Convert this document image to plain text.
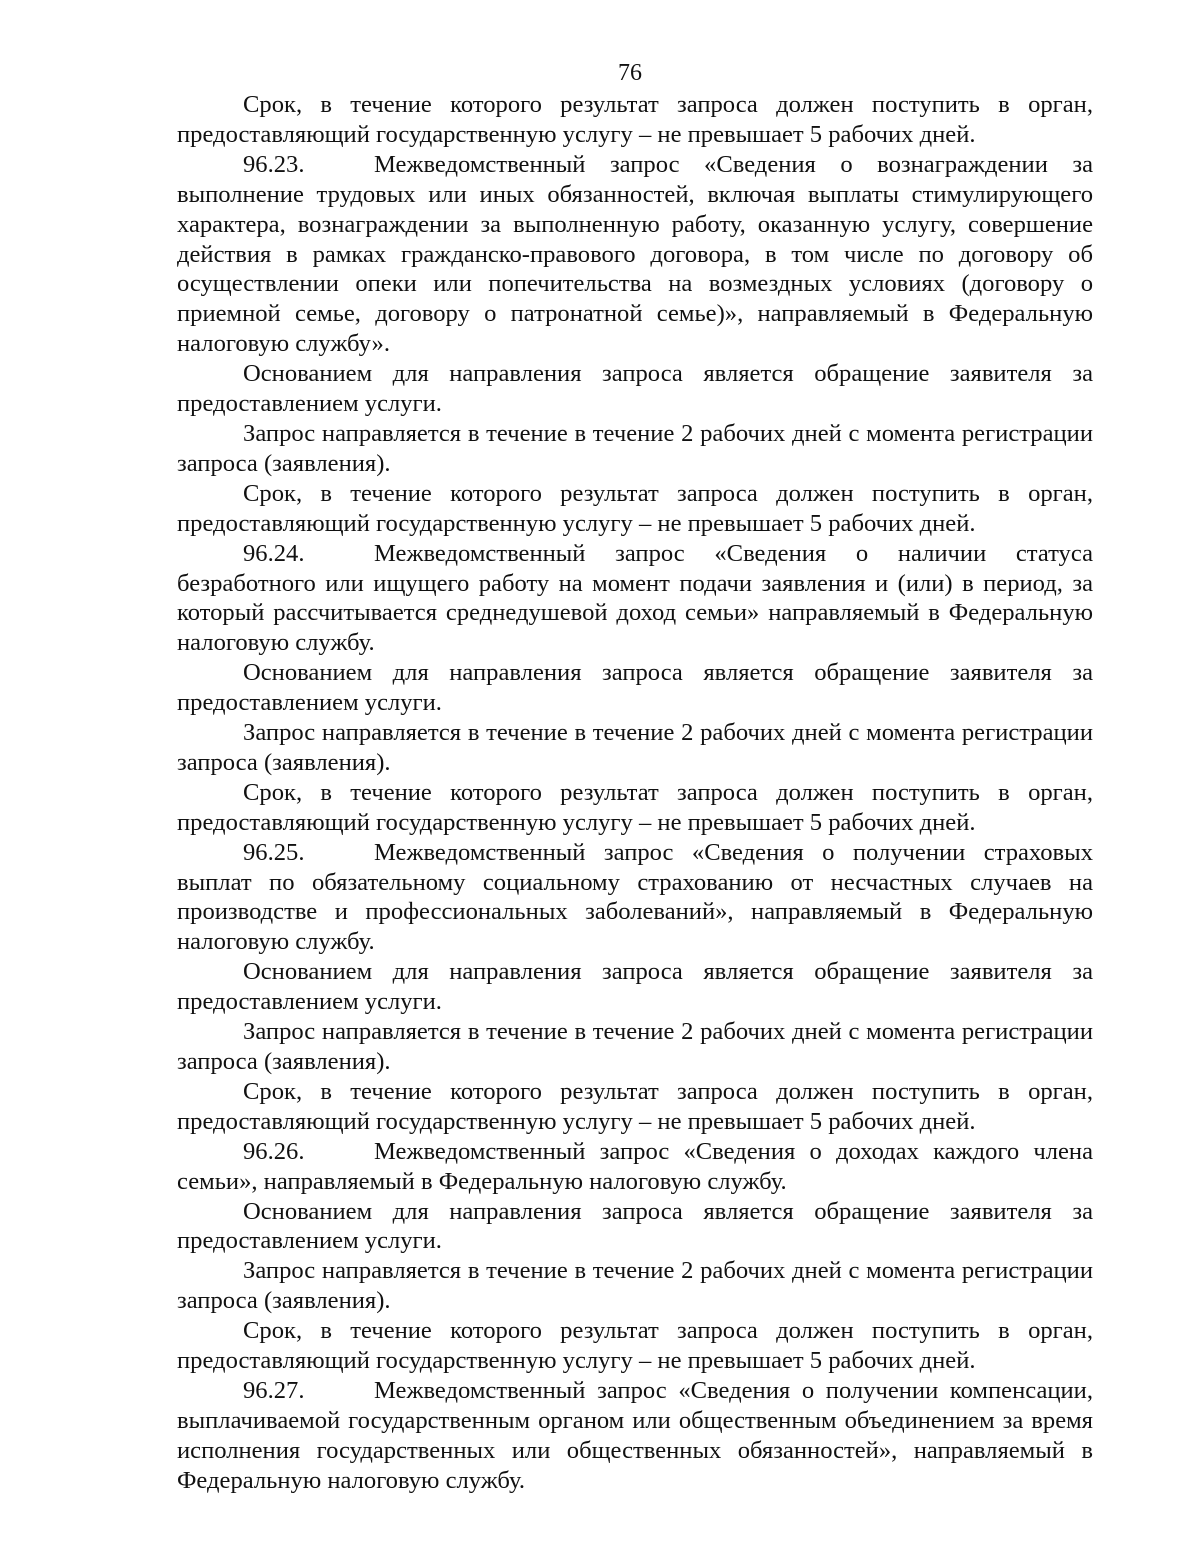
76

Срок, в течение которого результат запроса должен поступить в орган, предоставляющий государственную услугу – не превышает 5 рабочих дней.

96.23.	Межведомственный запрос «Сведения о вознаграждении за выполнение трудовых или иных обязанностей, включая выплаты стимулирующего характера, вознаграждении за выполненную работу, оказанную услугу, совершение действия в рамках гражданско-правового договора, в том числе по договору об осуществлении опеки или попечительства на возмездных условиях (договору о приемной семье, договору о патронатной семье)», направляемый в Федеральную налоговую службу».

Основанием для направления запроса является обращение заявителя за предоставлением услуги.

Запрос направляется в течение в течение 2 рабочих дней с момента регистрации запроса (заявления).

Срок, в течение которого результат запроса должен поступить в орган, предоставляющий государственную услугу – не превышает 5 рабочих дней.

96.24.	Межведомственный запрос «Сведения о наличии статуса безработного или ищущего работу на момент подачи заявления и (или) в период, за который рассчитывается среднедушевой доход семьи» направляемый в Федеральную налоговую службу.

Основанием для направления запроса является обращение заявителя за предоставлением услуги.

Запрос направляется в течение в течение 2 рабочих дней с момента регистрации запроса (заявления).

Срок, в течение которого результат запроса должен поступить в орган, предоставляющий государственную услугу – не превышает 5 рабочих дней.

96.25.	Межведомственный запрос «Сведения о получении страховых выплат по обязательному социальному страхованию от несчастных случаев на производстве и профессиональных заболеваний», направляемый в Федеральную налоговую службу.

Основанием для направления запроса является обращение заявителя за предоставлением услуги.

Запрос направляется в течение в течение 2 рабочих дней с момента регистрации запроса (заявления).

Срок, в течение которого результат запроса должен поступить в орган, предоставляющий государственную услугу – не превышает 5 рабочих дней.

96.26.	Межведомственный запрос «Сведения о доходах каждого члена семьи», направляемый в Федеральную налоговую службу.

Основанием для направления запроса является обращение заявителя за предоставлением услуги.

Запрос направляется в течение в течение 2 рабочих дней с момента регистрации запроса (заявления).

Срок, в течение которого результат запроса должен поступить в орган, предоставляющий государственную услугу – не превышает 5 рабочих дней.

96.27.	Межведомственный запрос «Сведения о получении компенсации, выплачиваемой государственным органом или общественным объединением за время исполнения государственных или общественных обязанностей», направляемый в Федеральную налоговую службу.
